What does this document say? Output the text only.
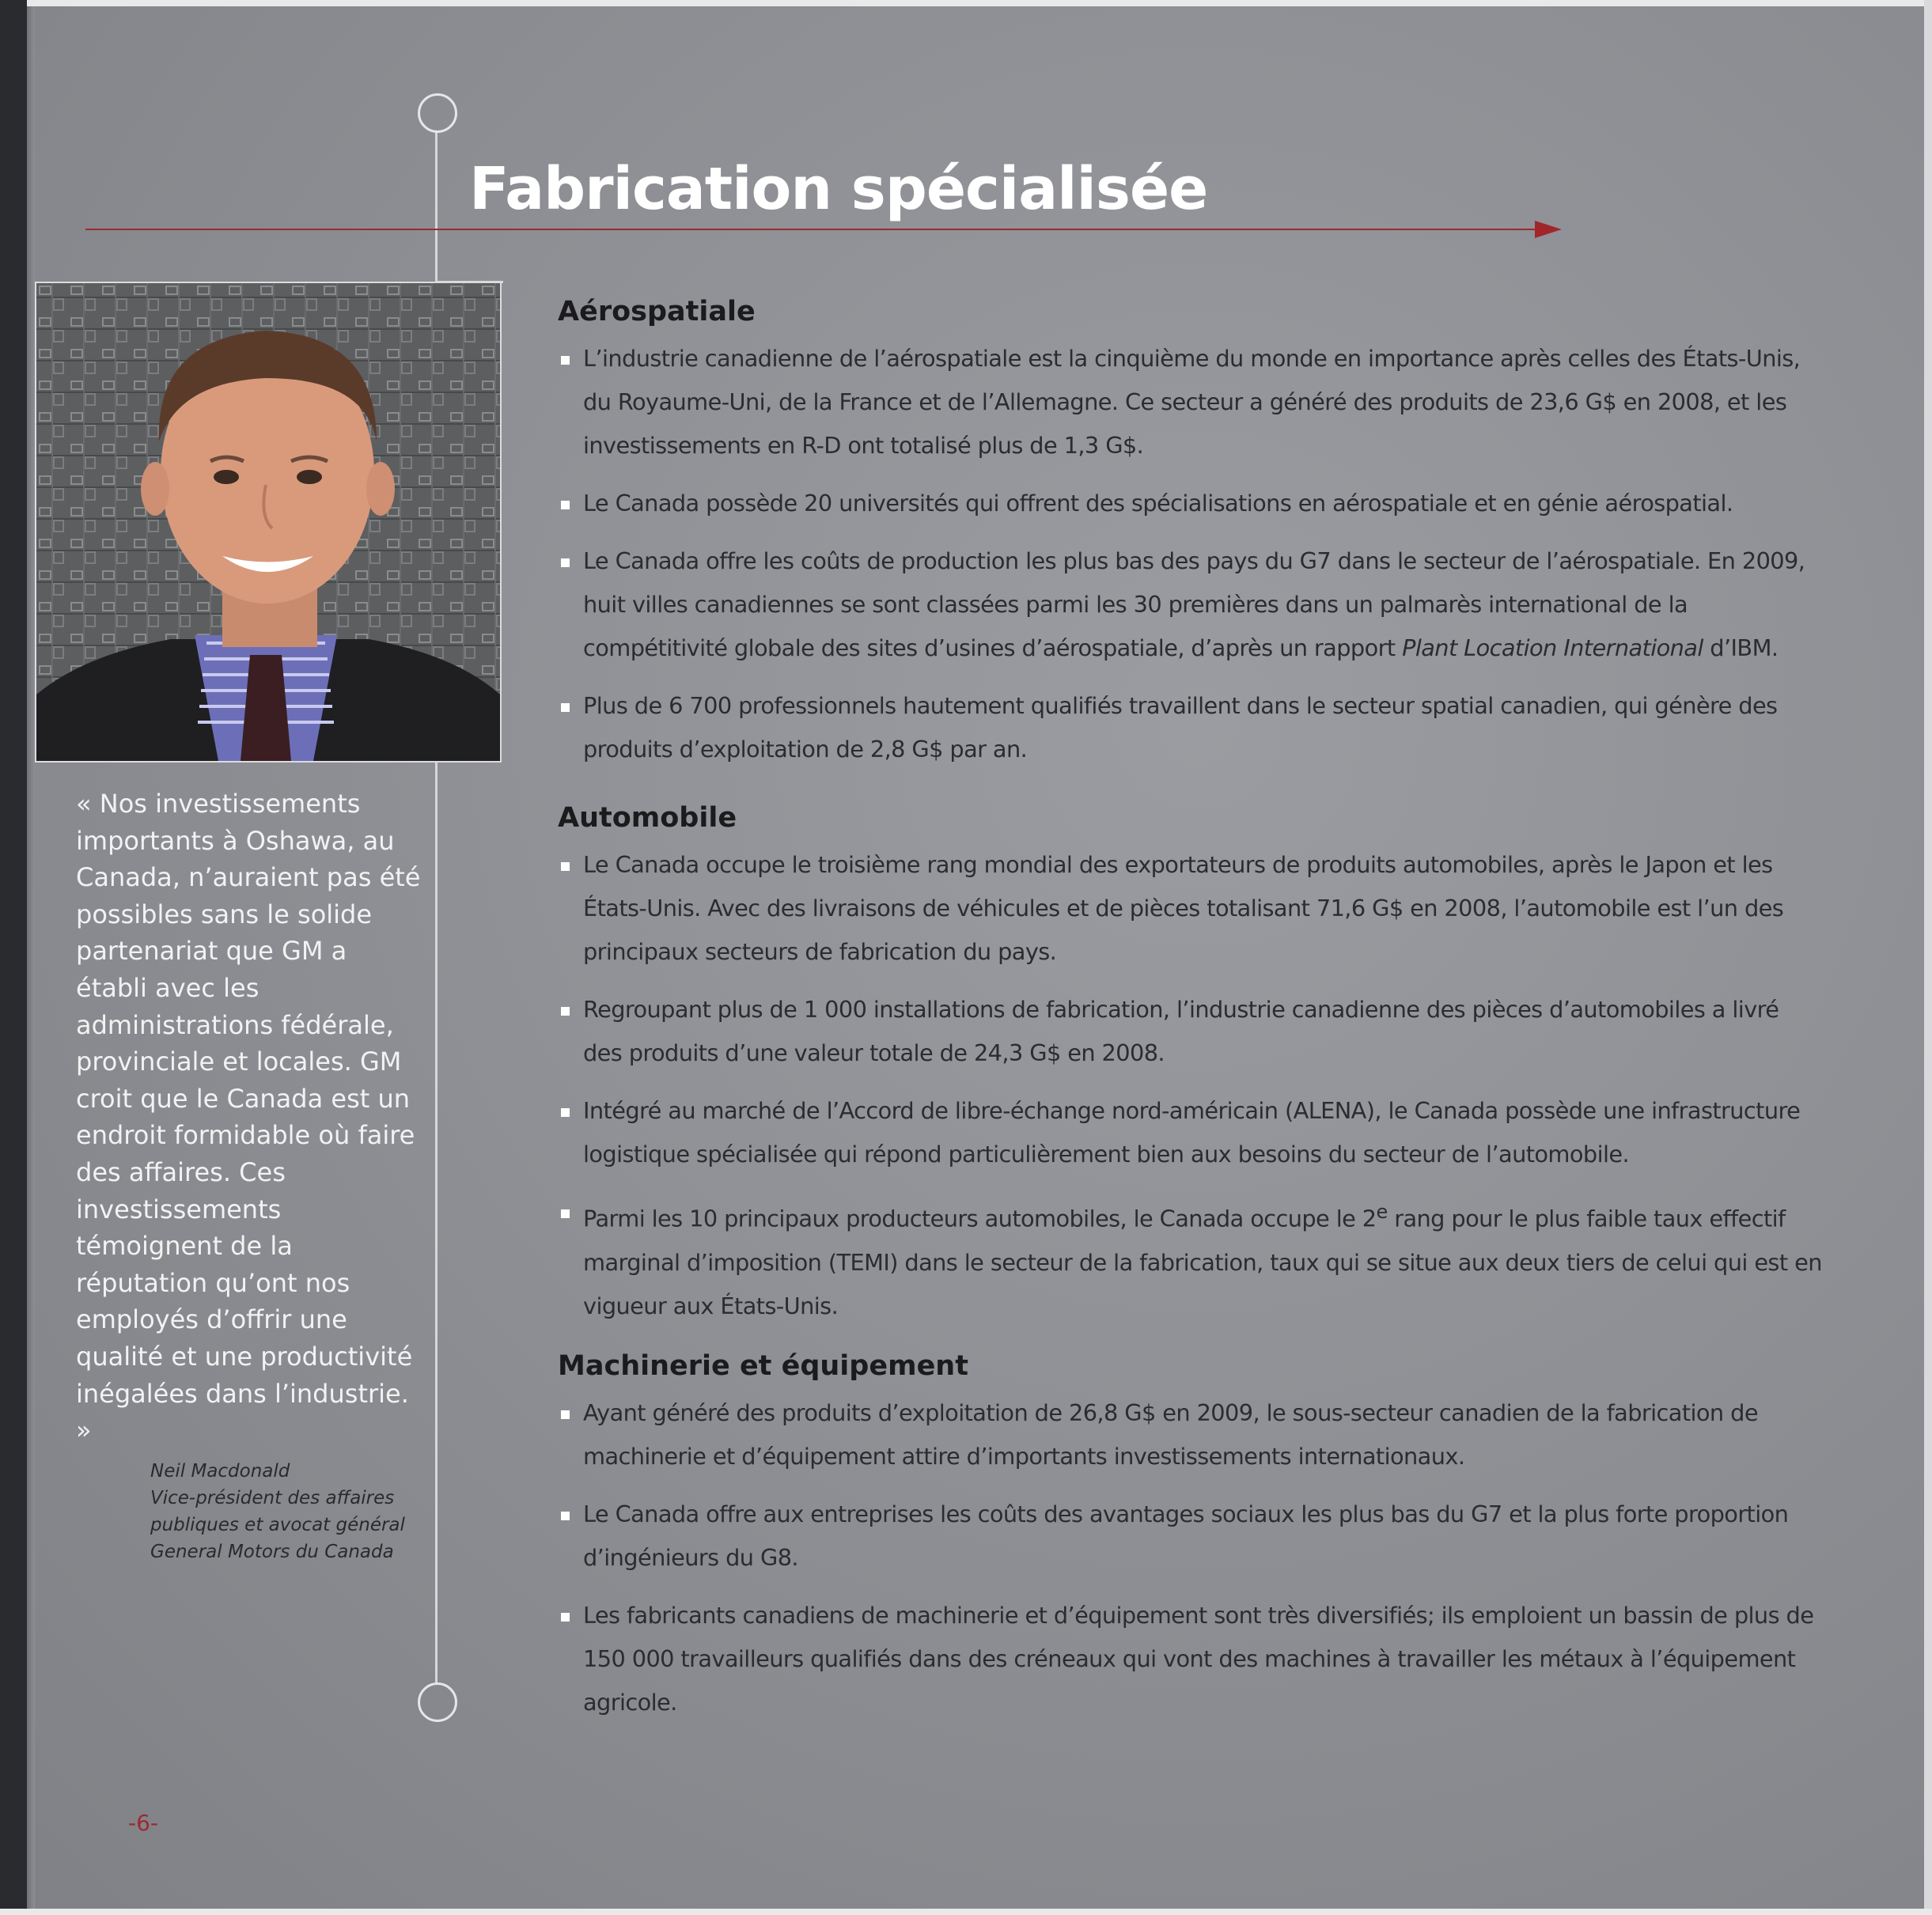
Fabrication spécialisée

« Nos investissements importants à Oshawa, au Canada, n’auraient pas été possibles sans le solide partenariat que GM a établi avec les administrations fédérale, provinciale et locales. GM croit que le Canada est un endroit formidable où faire des affaires. Ces investissements témoignent de la réputation qu’ont nos employés d’offrir une qualité et une productivité inégalées dans l’industrie. »

Neil Macdonald
Vice-président des affaires
publiques et avocat général
General Motors du Canada
Aérospatiale
L’industrie canadienne de l’aérospatiale est la cinquième du monde en importance après celles des États-Unis, du Royaume-Uni, de la France et de l’Allemagne. Ce secteur a généré des produits de 23,6 G$ en 2008, et les investissements en R-D ont totalisé plus de 1,3 G$.
Le Canada possède 20 universités qui offrent des spécialisations en aérospatiale et en génie aérospatial.
Le Canada offre les coûts de production les plus bas des pays du G7 dans le secteur de l’aérospatiale. En 2009, huit villes canadiennes se sont classées parmi les 30 premières dans un palmarès international de la compétitivité globale des sites d’usines d’aérospatiale, d’après un rapport Plant Location International d’IBM.
Plus de 6 700 professionnels hautement qualifiés travaillent dans le secteur spatial canadien, qui génère des produits d’exploitation de 2,8 G$ par an.
Automobile
Le Canada occupe le troisième rang mondial des exportateurs de produits automobiles, après le Japon et les États-Unis. Avec des livraisons de véhicules et de pièces totalisant 71,6 G$ en 2008, l’automobile est l’un des principaux secteurs de fabrication du pays.
Regroupant plus de 1 000 installations de fabrication, l’industrie canadienne des pièces d’automobiles a livré des produits d’une valeur totale de 24,3 G$ en 2008.
Intégré au marché de l’Accord de libre-échange nord-américain (ALENA), le Canada possède une infrastructure logistique spécialisée qui répond particulièrement bien aux besoins du secteur de l’automobile.
Parmi les 10 principaux producteurs automobiles, le Canada occupe le 2e rang pour le plus faible taux effectif marginal d’imposition (TEMI) dans le secteur de la fabrication, taux qui se situe aux deux tiers de celui qui est en vigueur aux États-Unis.
Machinerie et équipement
Ayant généré des produits d’exploitation de 26,8 G$ en 2009, le sous-secteur canadien de la fabrication de machinerie et d’équipement attire d’importants investissements internationaux.
Le Canada offre aux entreprises les coûts des avantages sociaux les plus bas du G7 et la plus forte proportion d’ingénieurs du G8.
Les fabricants canadiens de machinerie et d’équipement sont très diversifiés; ils emploient un bassin de plus de 150 000 travailleurs qualifiés dans des créneaux qui vont des machines à travailler les métaux à l’équipement agricole.

-6-
